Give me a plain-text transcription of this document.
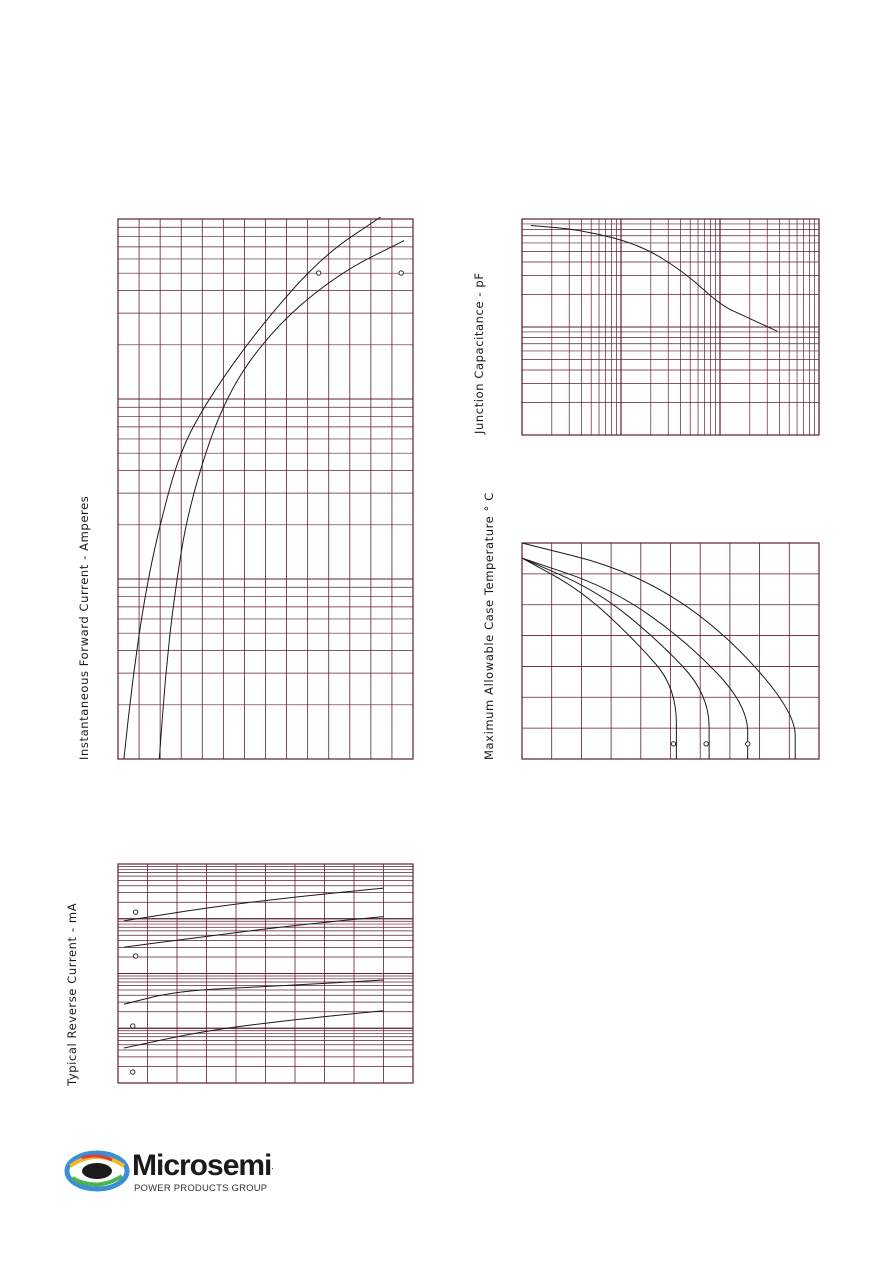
Instantaneous Forward Current - Amperes
Typical Reverse Current - mA
Junction Capacitance - pF
Maximum Allowable Case Temperature ° C
Microsemi.
POWER PRODUCTS GROUP
